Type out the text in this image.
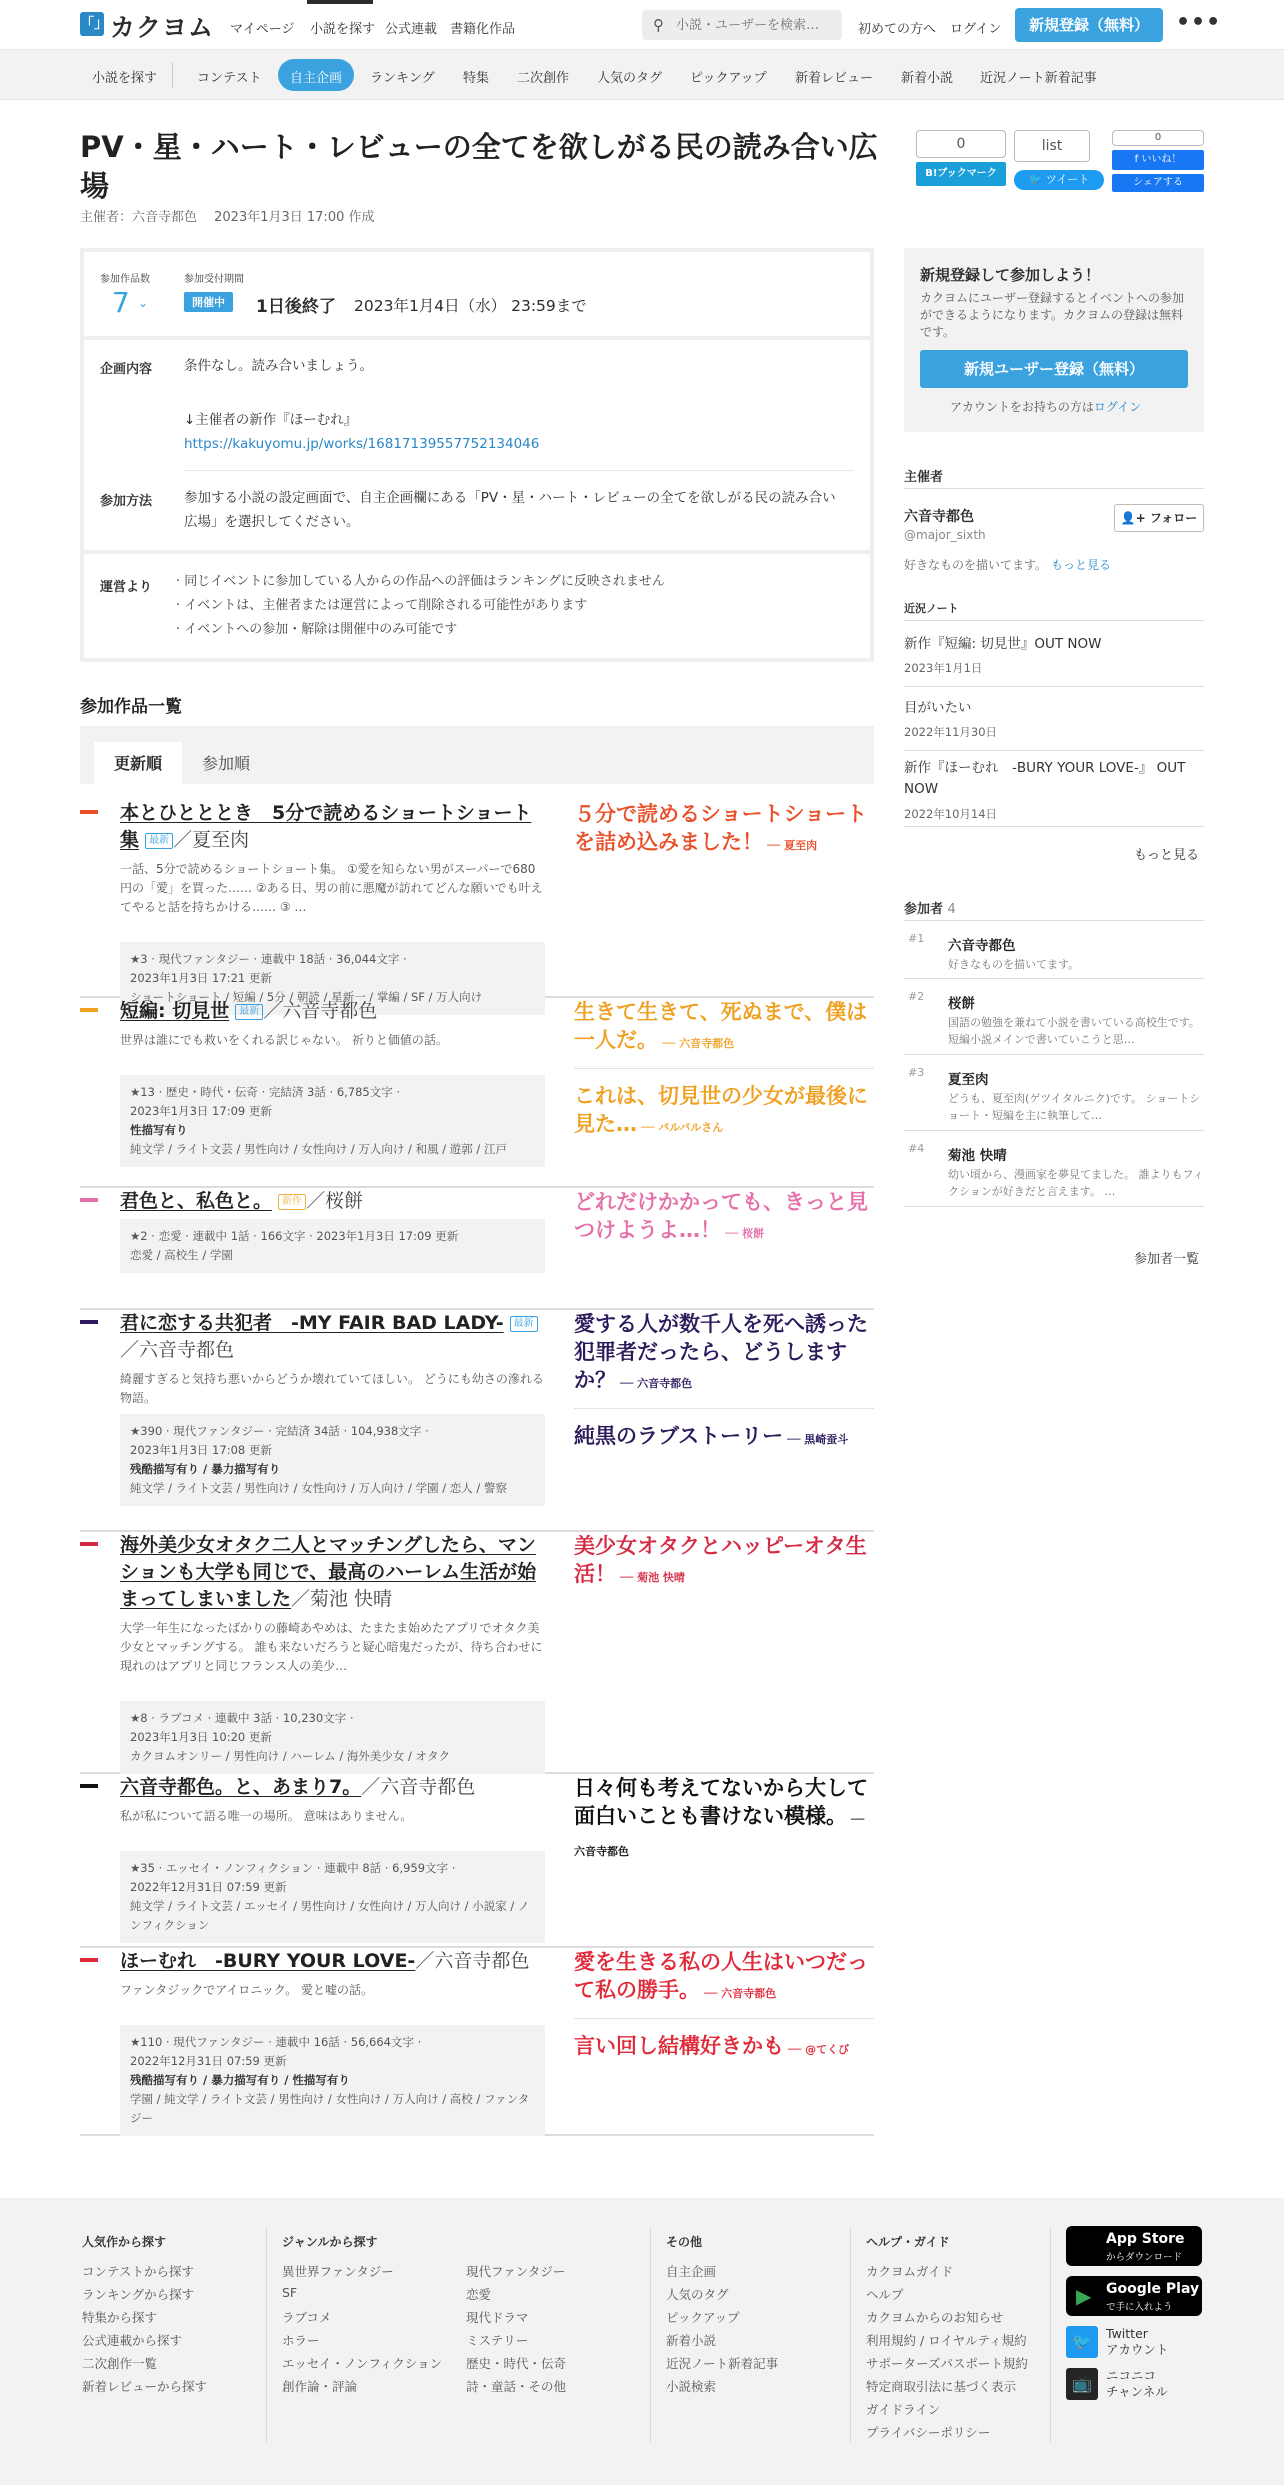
「」 カクヨム マイページ 小説を探す 公式連載 書籍化作品	⚲
小説・ユーザーを検索…	初めての方へ ログイン	新規登録（無料）	•••
小説を探す	コンテスト 自主企画 ランキング 特集 二次創作 人気のタグ ピックアップ 新着レビュー 新着小説 近況ノート新着記事
PV・星・ハート・レビューの全てを欲しがる民の読み合い広場
主催者：六音寺都色　 2023年1月3日 17:00 作成
0
B!ブックマーク
list
🐦 ツイート
0
f いいね！
シェアする
参加作品数
7 ⌄
参加受付期間
開催中	1日後終了 2023年1月4日（水） 23:59まで
企画内容 条件なし。読み合いましょう。
↓主催者の新作『ほーむれ』
https://kakuyomu.jp/works/16817139557752134046
参加方法 参加する小説の設定画面で、自主企画欄にある「PV・星・ハート・レビューの全てを欲しがる民の読み合い広場」を選択してください。
運営より · 同じイベントに参加している人からの作品への評価はランキングに反映されません
· イベントは、主催者または運営によって削除される可能性があります
· イベントへの参加・解除は開催中のみ可能です
参加作品一覧
更新順	参加順
本とひとととき　5分で読めるショートショート集 最新 ／夏至肉
一話、5分で読めるショートショート集。 ①愛を知らない男がスーパーで680円の「愛」を買った…… ②ある日、男の前に悪魔が訪れてどんな願いでも叶えてやると話を持ちかける…… ③ …
★3 · 現代ファンタジー · 連載中 18話 · 36,044文字 ·
2023年1月3日 17:21 更新
ショートショート / 短編 / 5分 / 朝読 / 星新一 / 掌編 / SF / 万人向け
５分で読めるショートショートを詰め込みました！ ── 夏至肉
短編: 切見世 最新 ／六音寺都色
世界は誰にでも救いをくれる訳じゃない。 祈りと価値の話。
★13 · 歴史・時代・伝奇 · 完結済 3話 · 6,785文字 ·
2023年1月3日 17:09 更新
性描写有り
純文学 / ライト文芸 / 男性向け / 女性向け / 万人向け / 和風 / 遊郭 / 江戸
生きて生きて、死ぬまで、僕は一人だ。 ── 六音寺都色
これは、切見世の少女が最後に見た… ── バルバルさん
君色と、私色と。 新作 ／桜餅
★2 · 恋愛 · 連載中 1話 · 166文字 · 2023年1月3日 17:09 更新
恋愛 / 高校生 / 学園
どれだけかかっても、きっと見つけようよ…！ ── 桜餅
君に恋する共犯者　-MY FAIR BAD LADY- 最新／六音寺都色
綺麗すぎると気持ち悪いからどうか壊れていてほしい。 どうにも幼さの滲れる物語。
★390 · 現代ファンタジー · 完結済 34話 · 104,938文字 ·
2023年1月3日 17:08 更新
残酷描写有り / 暴力描写有り
純文学 / ライト文芸 / 男性向け / 女性向け / 万人向け / 学園 / 恋人 / 警察
愛する人が数千人を死へ誘った犯罪者だったら、どうしますか？ ── 六音寺都色
純黒のラブストーリー ── 黒崎蚕斗
海外美少女オタク二人とマッチングしたら、マンションも大学も同じで、最高のハーレム生活が始まってしまいました／菊池 快晴
大学一年生になったばかりの藤崎あやめは、たまたま始めたアプリでオタク美少女とマッチングする。 誰も来ないだろうと疑心暗鬼だったが、待ち合わせに現れのはアプリと同じフランス人の美少…
★8 · ラブコメ · 連載中 3話 · 10,230文字 ·
2023年1月3日 10:20 更新
カクヨムオンリー / 男性向け / ハーレム / 海外美少女 / オタク
美少女オタクとハッピーオタ生活！ ── 菊池 快晴
六音寺都色。と、あまり7。／六音寺都色
私が私について語る唯一の場所。 意味はありません。
★35 · エッセイ・ノンフィクション · 連載中 8話 · 6,959文字 ·
2022年12月31日 07:59 更新
純文学 / ライト文芸 / エッセイ / 男性向け / 女性向け / 万人向け / 小説家 / ノンフィクション
日々何も考えてないから大して面白いことも書けない模様。 ── 六音寺都色
ほーむれ　-BURY YOUR LOVE-／六音寺都色
ファンタジックでアイロニック。 愛と嘘の話。
★110 · 現代ファンタジー · 連載中 16話 · 56,664文字 ·
2022年12月31日 07:59 更新
残酷描写有り / 暴力描写有り / 性描写有り
学園 / 純文学 / ライト文芸 / 男性向け / 女性向け / 万人向け / 高校 / ファンタジー
愛を生きる私の人生はいつだって私の勝手。 ── 六音寺都色
言い回し結構好きかも ── @てくび
新規登録して参加しよう！
カクヨムにユーザー登録するとイベントへの参加ができるようになります。カクヨムの登録は無料です。
新規ユーザー登録（無料）
アカウントをお持ちの方はログイン
主催者
六音寺都色
@major_sixth
👤+ フォロー
好きなものを描いてます。 もっと見る
近況ノート
新作『短編: 切見世』OUT NOW
2023年1月1日
目がいたい
2022年11月30日
新作『ほーむれ　-BURY YOUR LOVE-』 OUT NOW
2022年10月14日
もっと見る
参加者 4
#1 六音寺都色
好きなものを描いてます。
#2 桜餅
国語の勉強を兼ねて小説を書いている高校生です。短編小説メインで書いていこうと思…
#3 夏至肉
どうも、夏至肉(ゲツイタルニク)です。 ショートショート・短編を主に執筆して…
#4 菊池 快晴
幼い頃から、漫画家を夢見てました。 誰よりもフィクションが好きだと言えます。 …
参加者一覧
人気作から探す	ジャンルから探す	その他	ヘルプ・ガイド
コンテストから探す
ランキングから探す
特集から探す
公式連載から探す
二次創作一覧
新着レビューから探す
異世界ファンタジー
SF
ラブコメ
ホラー
エッセイ・ノンフィクション
創作論・評論
現代ファンタジー
恋愛
現代ドラマ
ミステリー
歴史・時代・伝奇
詩・童話・その他
自主企画
人気のタグ
ピックアップ
新着小説
近況ノート新着記事
小説検索
カクヨムガイド
ヘルプ
カクヨムからのお知らせ
利用規約 / ロイヤルティ規約
サポーターズパスポート規約
特定商取引法に基づく表示
ガイドライン
プライバシーポリシー
App Store
からダウンロード
▶ Google Play
で手に入れよう
🐦	Twitter
アカウント
📺	ニコニコ
チャンネル
